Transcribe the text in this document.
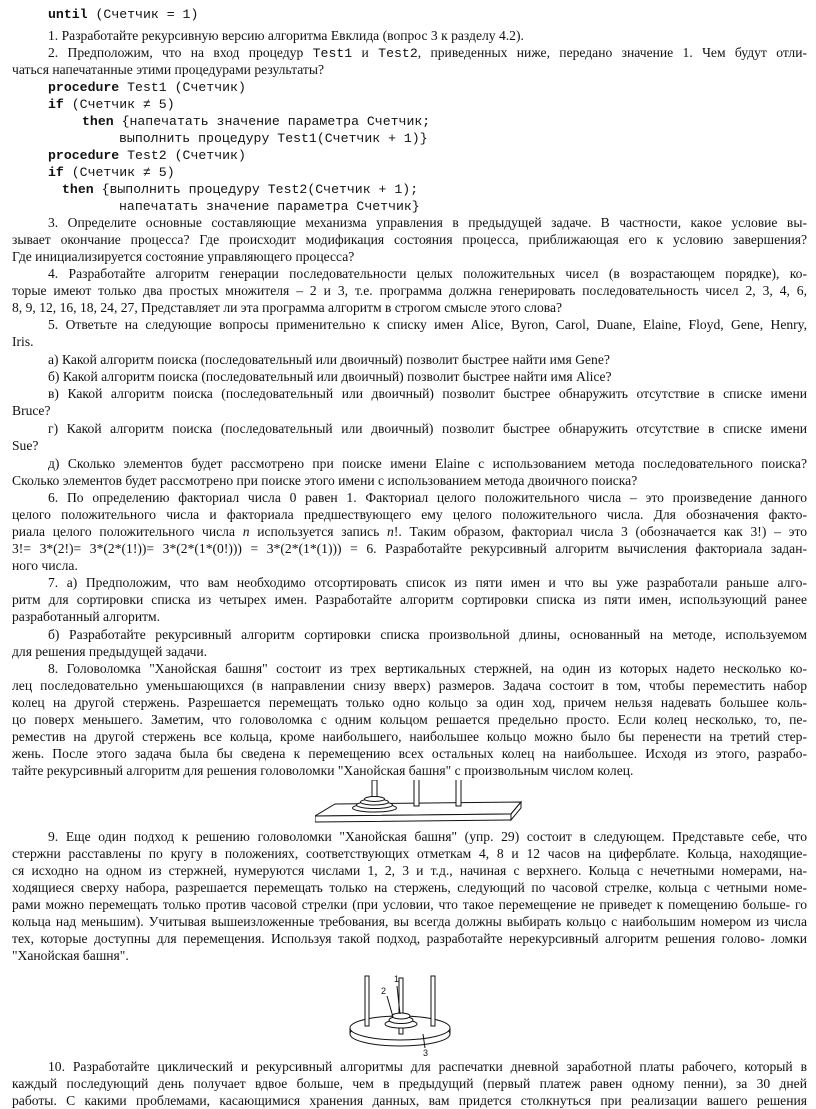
until (Счетчик = 1)
1. Разработайте рекурсивную версию алгоритма Евклида (вопрос 3 к разделу 4.2).
2. Предположим, что на вход процедур Test1 и Test2, приведенных ниже, передано значение 1. Чем будут отли-
чаться напечатанные этими процедурами результаты?
procedure Test1 (Счетчик)
if (Счетчик ≠ 5)
then {напечатать значение параметра Счетчик;
выполнить процедуру Test1(Счетчик + 1)}
procedure Test2 (Счетчик)
if (Счетчик ≠ 5)
then {выполнить процедуру Test2(Счетчик + 1);
напечатать значение параметра Счетчик}
3. Определите основные составляющие механизма управления в предыдущей задаче. В частности, какое условие вы-
зывает окончание процесса? Где происходит модификация состояния процесса, приближающая его к условию завершения?
Где инициализируется состояние управляющего процесса?
4. Разработайте алгоритм генерации последовательности целых положительных чисел (в возрастающем порядке), ко-
торые имеют только два простых множителя – 2 и 3, т.е. программа должна генерировать последовательность чисел 2, 3, 4, 6,
8, 9, 12, 16, 18, 24, 27, Представляет ли эта программа алгоритм в строгом смысле этого слова?
5. Ответьте на следующие вопросы применительно к списку имен Alice, Byron, Carol, Duane, Elaine, Floyd, Gene, Henry,
Iris.
а) Какой алгоритм поиска (последовательный или двоичный) позволит быстрее найти имя Gene?
б) Какой алгоритм поиска (последовательный или двоичный) позволит быстрее найти имя Alice?
в) Какой алгоритм поиска (последовательный или двоичный) позволит быстрее обнаружить отсутствие в списке имени
Bruce?
г) Какой алгоритм поиска (последовательный или двоичный) позволит быстрее обнаружить отсутствие в списке имени
Sue?
д) Сколько элементов будет рассмотрено при поиске имени Elaine с использованием метода последовательного поиска?
Сколько элементов будет рассмотрено при поиске этого имени с использованием метода двоичного поиска?
6. По определению факториал числа 0 равен 1. Факториал целого положительного числа – это произведение данного
целого положительного числа и факториала предшествующего ему целого положительного числа. Для обозначения факто-
риала целого положительного числа n используется запись n!. Таким образом, факториал числа 3 (обозначается как 3!) – это
3!= 3*(2!)= 3*(2*(1!))= 3*(2*(1*(0!))) = 3*(2*(1*(1))) = 6. Разработайте рекурсивный алгоритм вычисления факториала задан-
ного числа.
7. а) Предположим, что вам необходимо отсортировать список из пяти имен и что вы уже разработали раньше алго-
ритм для сортировки списка из четырех имен. Разработайте алгоритм сортировки списка из пяти имен, использующий ранее
разработанный алгоритм.
б) Разработайте рекурсивный алгоритм сортировки списка произвольной длины, основанный на методе, используемом
для решения предыдущей задачи.
8. Головоломка "Ханойская башня" состоит из трех вертикальных стержней, на один из которых надето несколько ко-
лец последовательно уменьшающихся (в направлении снизу вверх) размеров. Задача состоит в том, чтобы переместить набор
колец на другой стержень. Разрешается перемещать только одно кольцо за один ход, причем нельзя надевать большее коль-
цо поверх меньшего. Заметим, что головоломка с одним кольцом решается предельно просто. Если колец несколько, то, пе-
реместив на другой стержень все кольца, кроме наибольшего, наибольшее кольцо можно было бы перенести на третий стер-
жень. После этого задача была бы сведена к перемещению всех остальных колец на наибольшее. Исходя из этого, разрабо-
тайте рекурсивный алгоритм для решения головоломки "Ханойская башня" с произвольным числом колец.
9. Еще один подход к решению головоломки "Ханойская башня" (упр. 29) состоит в следующем. Представьте себе, что
стержни расставлены по кругу в положениях, соответствующих отметкам 4, 8 и 12 часов на циферблате. Кольца, находящие-
ся исходно на одном из стержней, нумеруются числами 1, 2, 3 и т.д., начиная с верхнего. Кольца с нечетными номерами, на-
ходящиеся сверху набора, разрешается перемещать только на стержень, следующий по часовой стрелке, кольца с четными номе-
рами можно перемещать только против часовой стрелки (при условии, что такое перемещение не приведет к помещению больше- го
кольца над меньшим). Учитывая вышеизложенные требования, вы всегда должны выбирать кольцо с наибольшим номером из числа
тех, которые доступны для перемещения. Используя такой подход, разработайте нерекурсивный алгоритм решения голово- ломки
"Ханойская башня".
1
2
3
10. Разработайте циклический и рекурсивный алгоритмы для распечатки дневной заработной платы рабочего, который в
каждый последующий день получает вдвое больше, чем в предыдущий (первый платеж равен одному пенни), за 30 дней
работы. С какими проблемами, касающимися хранения данных, вам придется столкнуться при реализации вашего решения
